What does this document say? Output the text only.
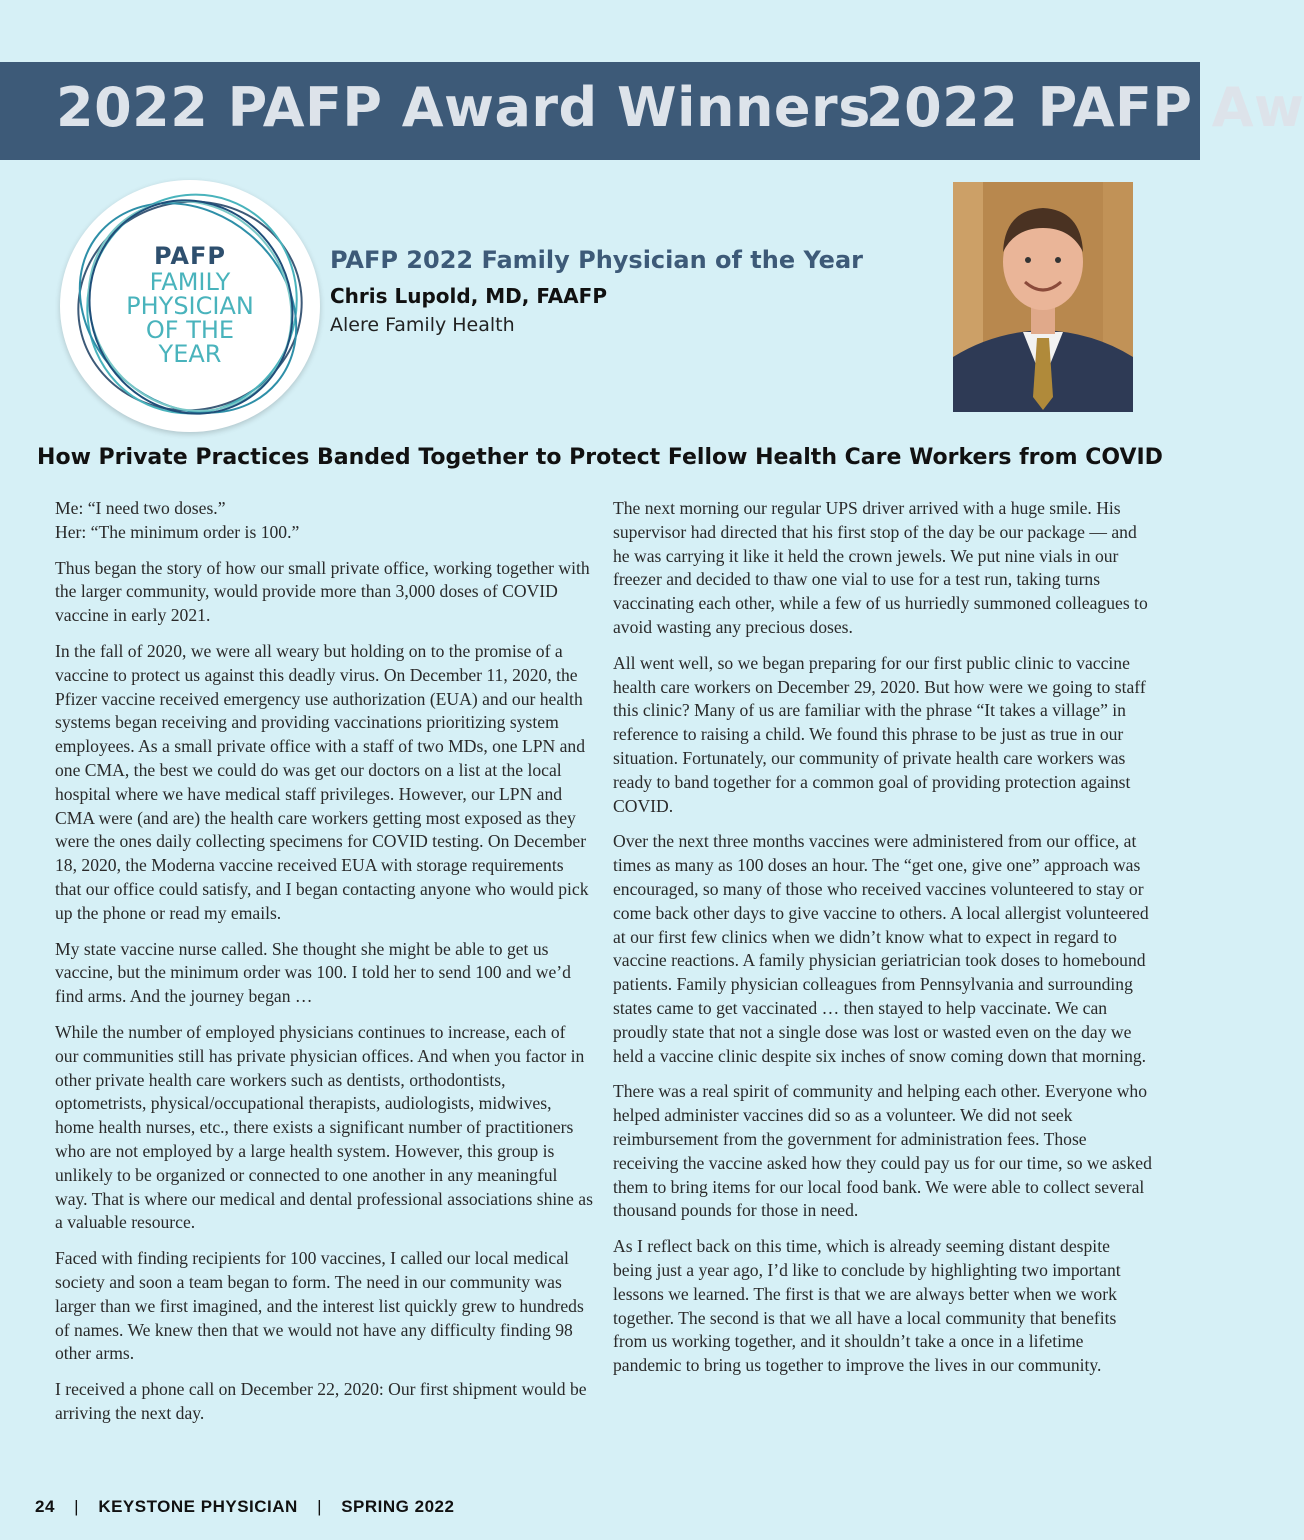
2022 PAFP Award Winners
2022 PAFP Aw
PAFP
FAMILY
PHYSICIAN
OF THE
YEAR
PAFP 2022 Family Physician of the Year
Chris Lupold, MD, FAAFP
Alere Family Health
How Private Practices Banded Together to Protect Fellow Health Care Workers from COVID

Me: “I need two doses.”
Her: “The minimum order is 100.”

Thus began the story of how our small private office, working together with the larger community, would provide more than 3,000 doses of COVID vaccine in early 2021.

In the fall of 2020, we were all weary but holding on to the promise of a vaccine to protect us against this deadly virus. On December 11, 2020, the Pfizer vaccine received emergency use authorization (EUA) and our health systems began receiving and providing vaccinations prioritizing system employees. As a small private office with a staff of two MDs, one LPN and one CMA, the best we could do was get our doctors on a list at the local hospital where we have medical staff privileges. However, our LPN and CMA were (and are) the health care workers getting most exposed as they were the ones daily collecting specimens for COVID testing. On December 18, 2020, the Moderna vaccine received EUA with storage requirements that our office could satisfy, and I began contacting anyone who would pick up the phone or read my emails.

My state vaccine nurse called. She thought she might be able to get us vaccine, but the minimum order was 100. I told her to send 100 and we’d find arms. And the journey began …

While the number of employed physicians continues to increase, each of our communities still has private physician offices. And when you factor in other private health care workers such as dentists, orthodontists, optometrists, physical/occupational therapists, audiologists, midwives, home health nurses, etc., there exists a significant number of practitioners who are not employed by a large health system. However, this group is unlikely to be organized or connected to one another in any meaningful way. That is where our medical and dental professional associations shine as a valuable resource.

Faced with finding recipients for 100 vaccines, I called our local medical society and soon a team began to form. The need in our community was larger than we first imagined, and the interest list quickly grew to hundreds of names. We knew then that we would not have any difficulty finding 98 other arms.

I received a phone call on December 22, 2020: Our first shipment would be arriving the next day.

The next morning our regular UPS driver arrived with a huge smile. His supervisor had directed that his first stop of the day be our package — and he was carrying it like it held the crown jewels. We put nine vials in our freezer and decided to thaw one vial to use for a test run, taking turns vaccinating each other, while a few of us hurriedly summoned colleagues to avoid wasting any precious doses.

All went well, so we began preparing for our first public clinic to vaccine health care workers on December 29, 2020. But how were we going to staff this clinic? Many of us are familiar with the phrase “It takes a village” in reference to raising a child. We found this phrase to be just as true in our situation. Fortunately, our community of private health care workers was ready to band together for a common goal of providing protection against COVID.

Over the next three months vaccines were administered from our office, at times as many as 100 doses an hour. The “get one, give one” approach was encouraged, so many of those who received vaccines volunteered to stay or come back other days to give vaccine to others. A local allergist volunteered at our first few clinics when we didn’t know what to expect in regard to vaccine reactions. A family physician geriatrician took doses to homebound patients. Family physician colleagues from Pennsylvania and surrounding states came to get vaccinated … then stayed to help vaccinate. We can proudly state that not a single dose was lost or wasted even on the day we held a vaccine clinic despite six inches of snow coming down that morning.

There was a real spirit of community and helping each other. Everyone who helped administer vaccines did so as a volunteer. We did not seek reimbursement from the government for administration fees. Those receiving the vaccine asked how they could pay us for our time, so we asked them to bring items for our local food bank. We were able to collect several thousand pounds for those in need.

As I reflect back on this time, which is already seeming distant despite being just a year ago, I’d like to conclude by highlighting two important lessons we learned. The first is that we are always better when we work together. The second is that we all have a local community that benefits from us working together, and it shouldn’t take a once in a lifetime pandemic to bring us together to improve the lives in our community.

24 | KEYSTONE PHYSICIAN | SPRING 2022
